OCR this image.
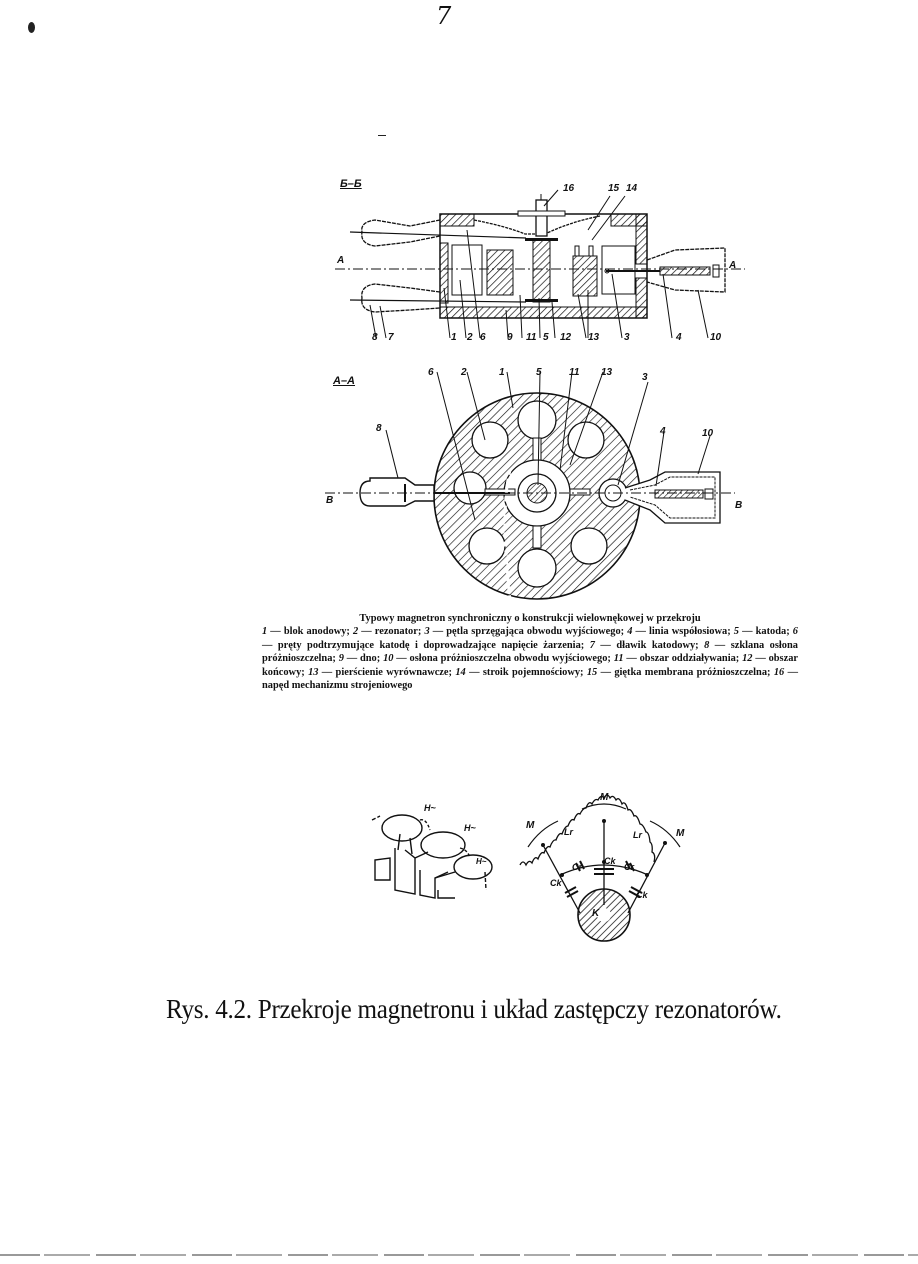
7
Б–Б	16	15 14
8 7	1 2 6 9 11 5 12 13 3	4	10
A	A
A–A
6	2	1	5	11 13	3
8	4	10
B	B
Typowy magnetron synchroniczny o konstrukcji wielownękowej w przekroju
1 — blok anodowy; 2 — rezonator; 3 — pętla sprzęgająca obwodu wyjściowego; 4 — linia współosiowa; 5 — katoda; 6 — pręty podtrzymujące katodę i doprowadzające napięcie żarzenia; 7 — dławik katodowy; 8 — szklana osłona próżnioszczelna; 9 — dno; 10 — osłona próżnioszczelna obwodu wyjściowego; 11 — obszar oddziaływania; 12 — obszar końcowy; 13 — pierścienie wyrównawcze; 14 — stroik pojemnościowy; 15 — giętka membrana próżnioszczelna; 16 — napęd mechanizmu strojeniowego
H~
H~
H~
M
M
M
Lr	Lr
Cr	Cr
Ck
Ck
Ck
K
Rys. 4.2. Przekroje magnetronu i układ zastępczy rezonatorów.
